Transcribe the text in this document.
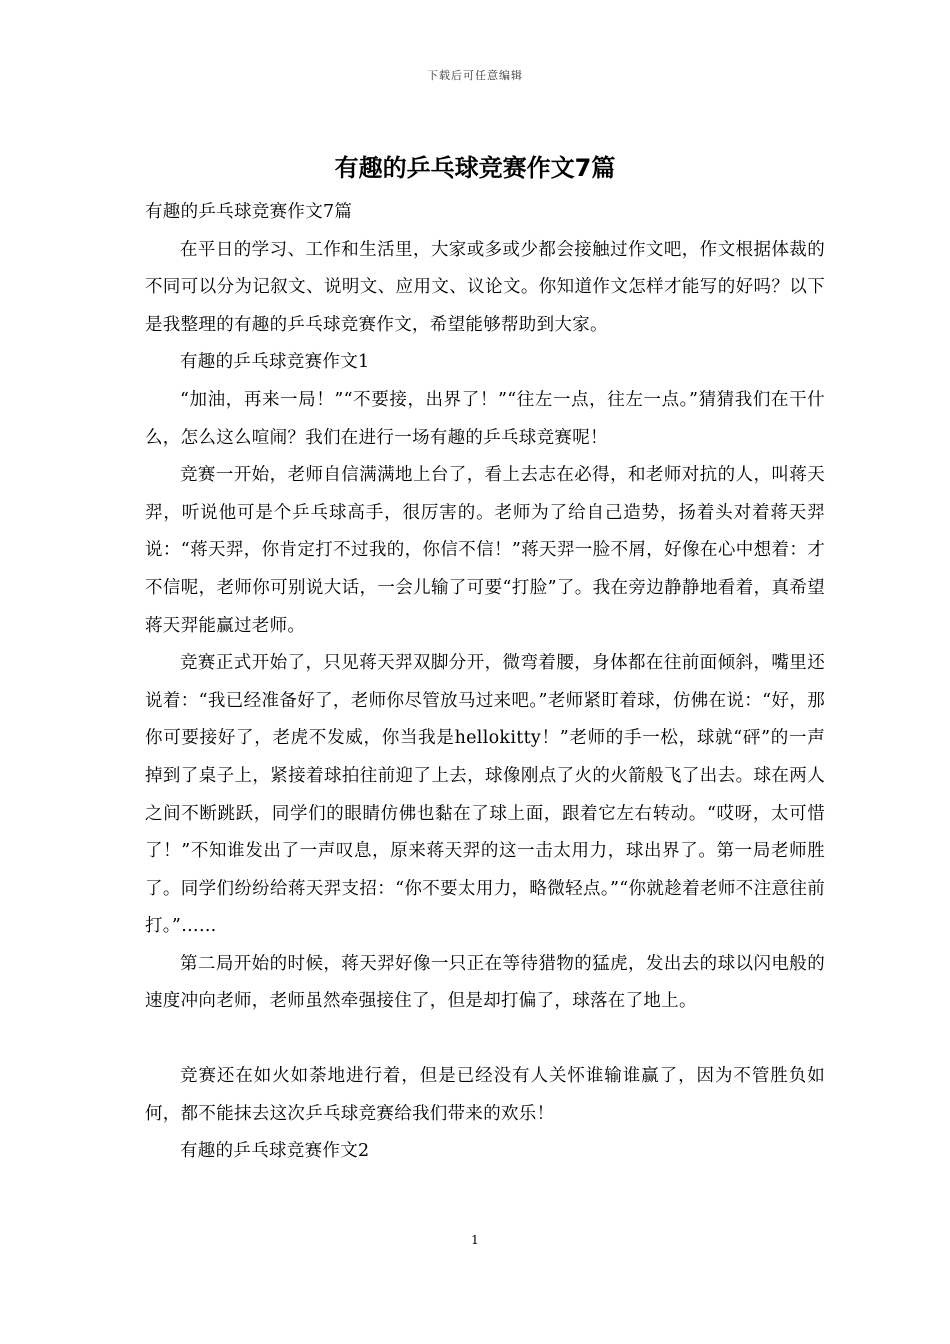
下载后可任意编辑
有趣的乒乓球竞赛作文7篇

有趣的乒乓球竞赛作文7篇

在平日的学习、工作和生活里，大家或多或少都会接触过作文吧，作文根据体裁的不同可以分为记叙文、说明文、应用文、议论文。你知道作文怎样才能写的好吗？以下是我整理的有趣的乒乓球竞赛作文，希望能够帮助到大家。

有趣的乒乓球竞赛作文1

“加油，再来一局！”“不要接，出界了！”“往左一点，往左一点。”猜猜我们在干什么，怎么这么喧闹？我们在进行一场有趣的乒乓球竞赛呢！

竞赛一开始，老师自信满满地上台了，看上去志在必得，和老师对抗的人，叫蒋天羿，听说他可是个乒乓球高手，很厉害的。老师为了给自己造势，扬着头对着蒋天羿说：“蒋天羿，你肯定打不过我的，你信不信！”蒋天羿一脸不屑，好像在心中想着：才不信呢，老师你可别说大话，一会儿输了可要“打脸”了。我在旁边静静地看着，真希望蒋天羿能赢过老师。

竞赛正式开始了，只见蒋天羿双脚分开，微弯着腰，身体都在往前面倾斜，嘴里还说着：“我已经准备好了，老师你尽管放马过来吧。”老师紧盯着球，仿佛在说：“好，那你可要接好了，老虎不发威，你当我是hellokitty！”老师的手一松，球就“砰”的一声掉到了桌子上，紧接着球拍往前迎了上去，球像刚点了火的火箭般飞了出去。球在两人之间不断跳跃，同学们的眼睛仿佛也黏在了球上面，跟着它左右转动。“哎呀，太可惜了！”不知谁发出了一声叹息，原来蒋天羿的这一击太用力，球出界了。第一局老师胜了。同学们纷纷给蒋天羿支招：“你不要太用力，略微轻点。”“你就趁着老师不注意往前打。”……

第二局开始的时候，蒋天羿好像一只正在等待猎物的猛虎，发出去的球以闪电般的速度冲向老师，老师虽然牵强接住了，但是却打偏了，球落在了地上。

竞赛还在如火如荼地进行着，但是已经没有人关怀谁输谁赢了，因为不管胜负如何，都不能抹去这次乒乓球竞赛给我们带来的欢乐！

有趣的乒乓球竞赛作文2

1
